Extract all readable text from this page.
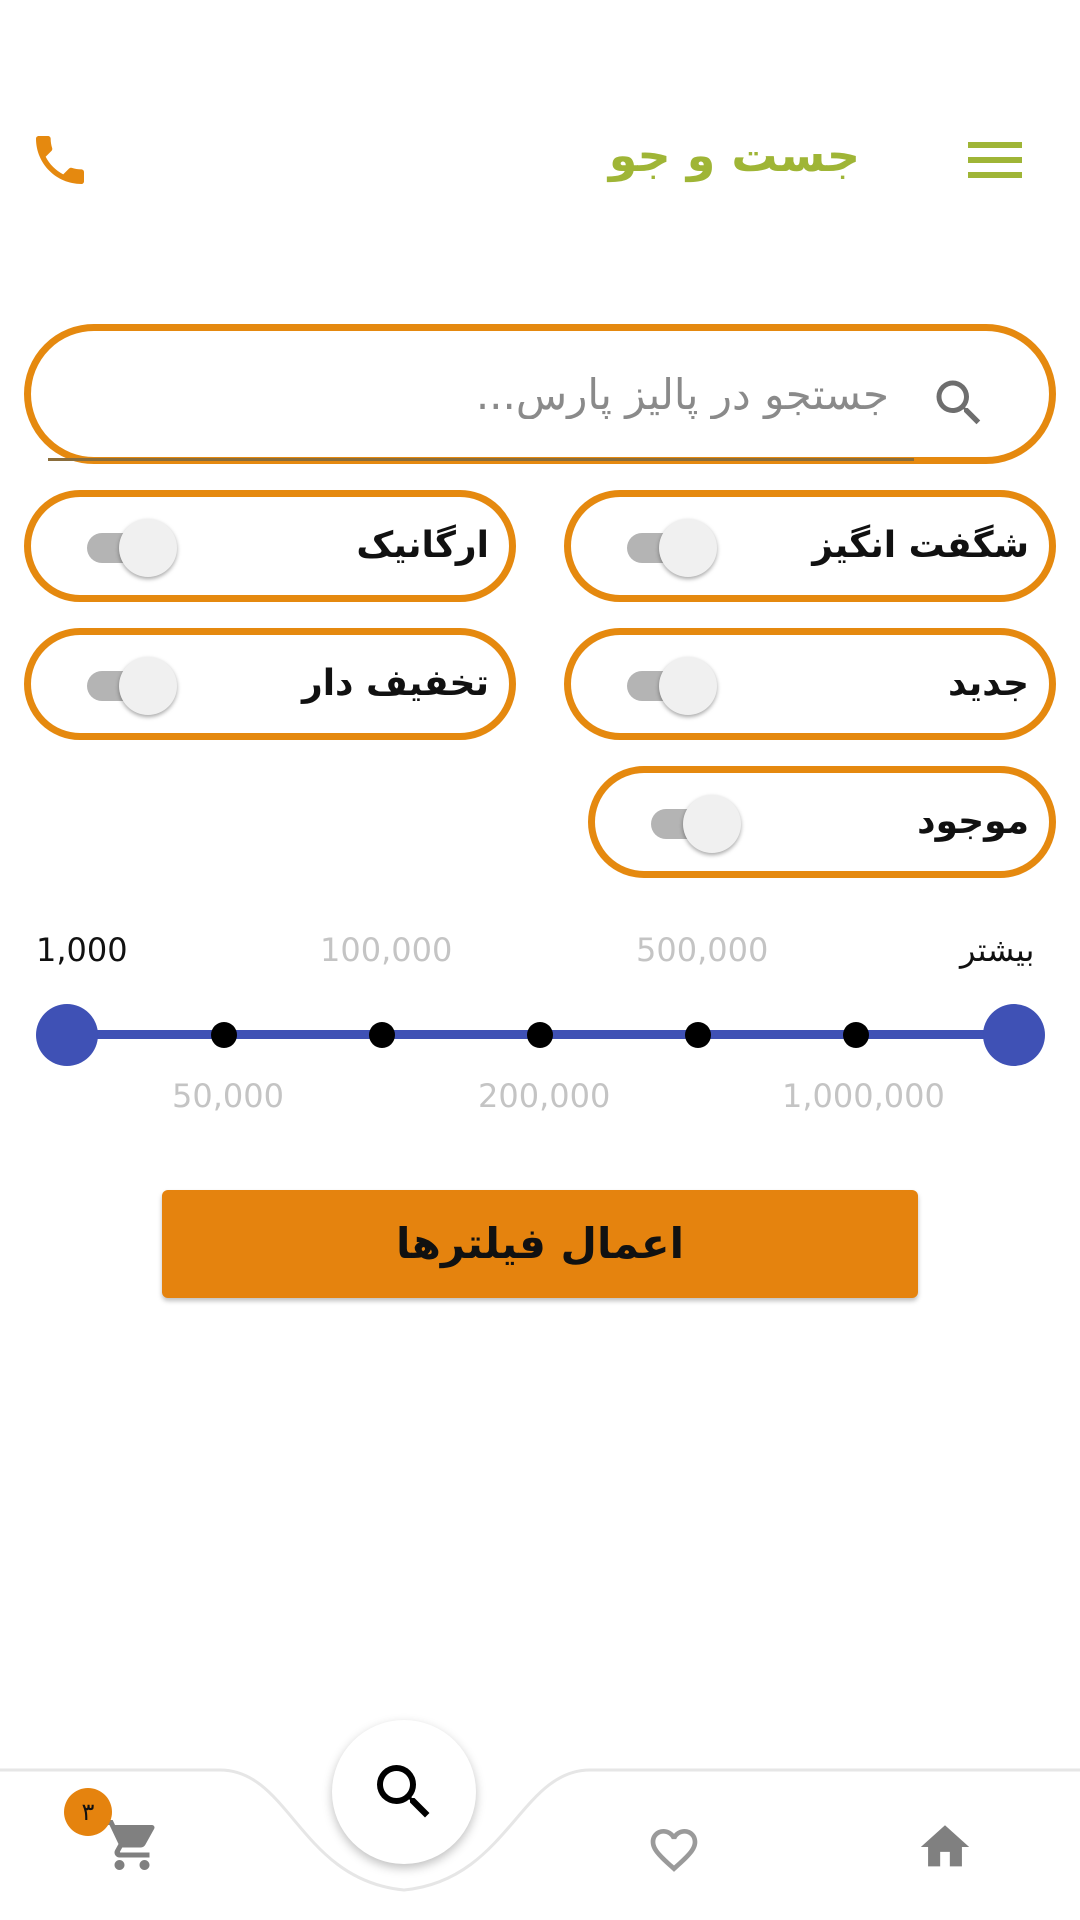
جست و جو
جستجو در پالیز پارس...
شگفت انگیز
ارگانیک
جدید
تخفیف دار
موجود
بیشتر
500,000
100,000
1,000
1,000,000
200,000
50,000
اعمال فیلترها
۳
